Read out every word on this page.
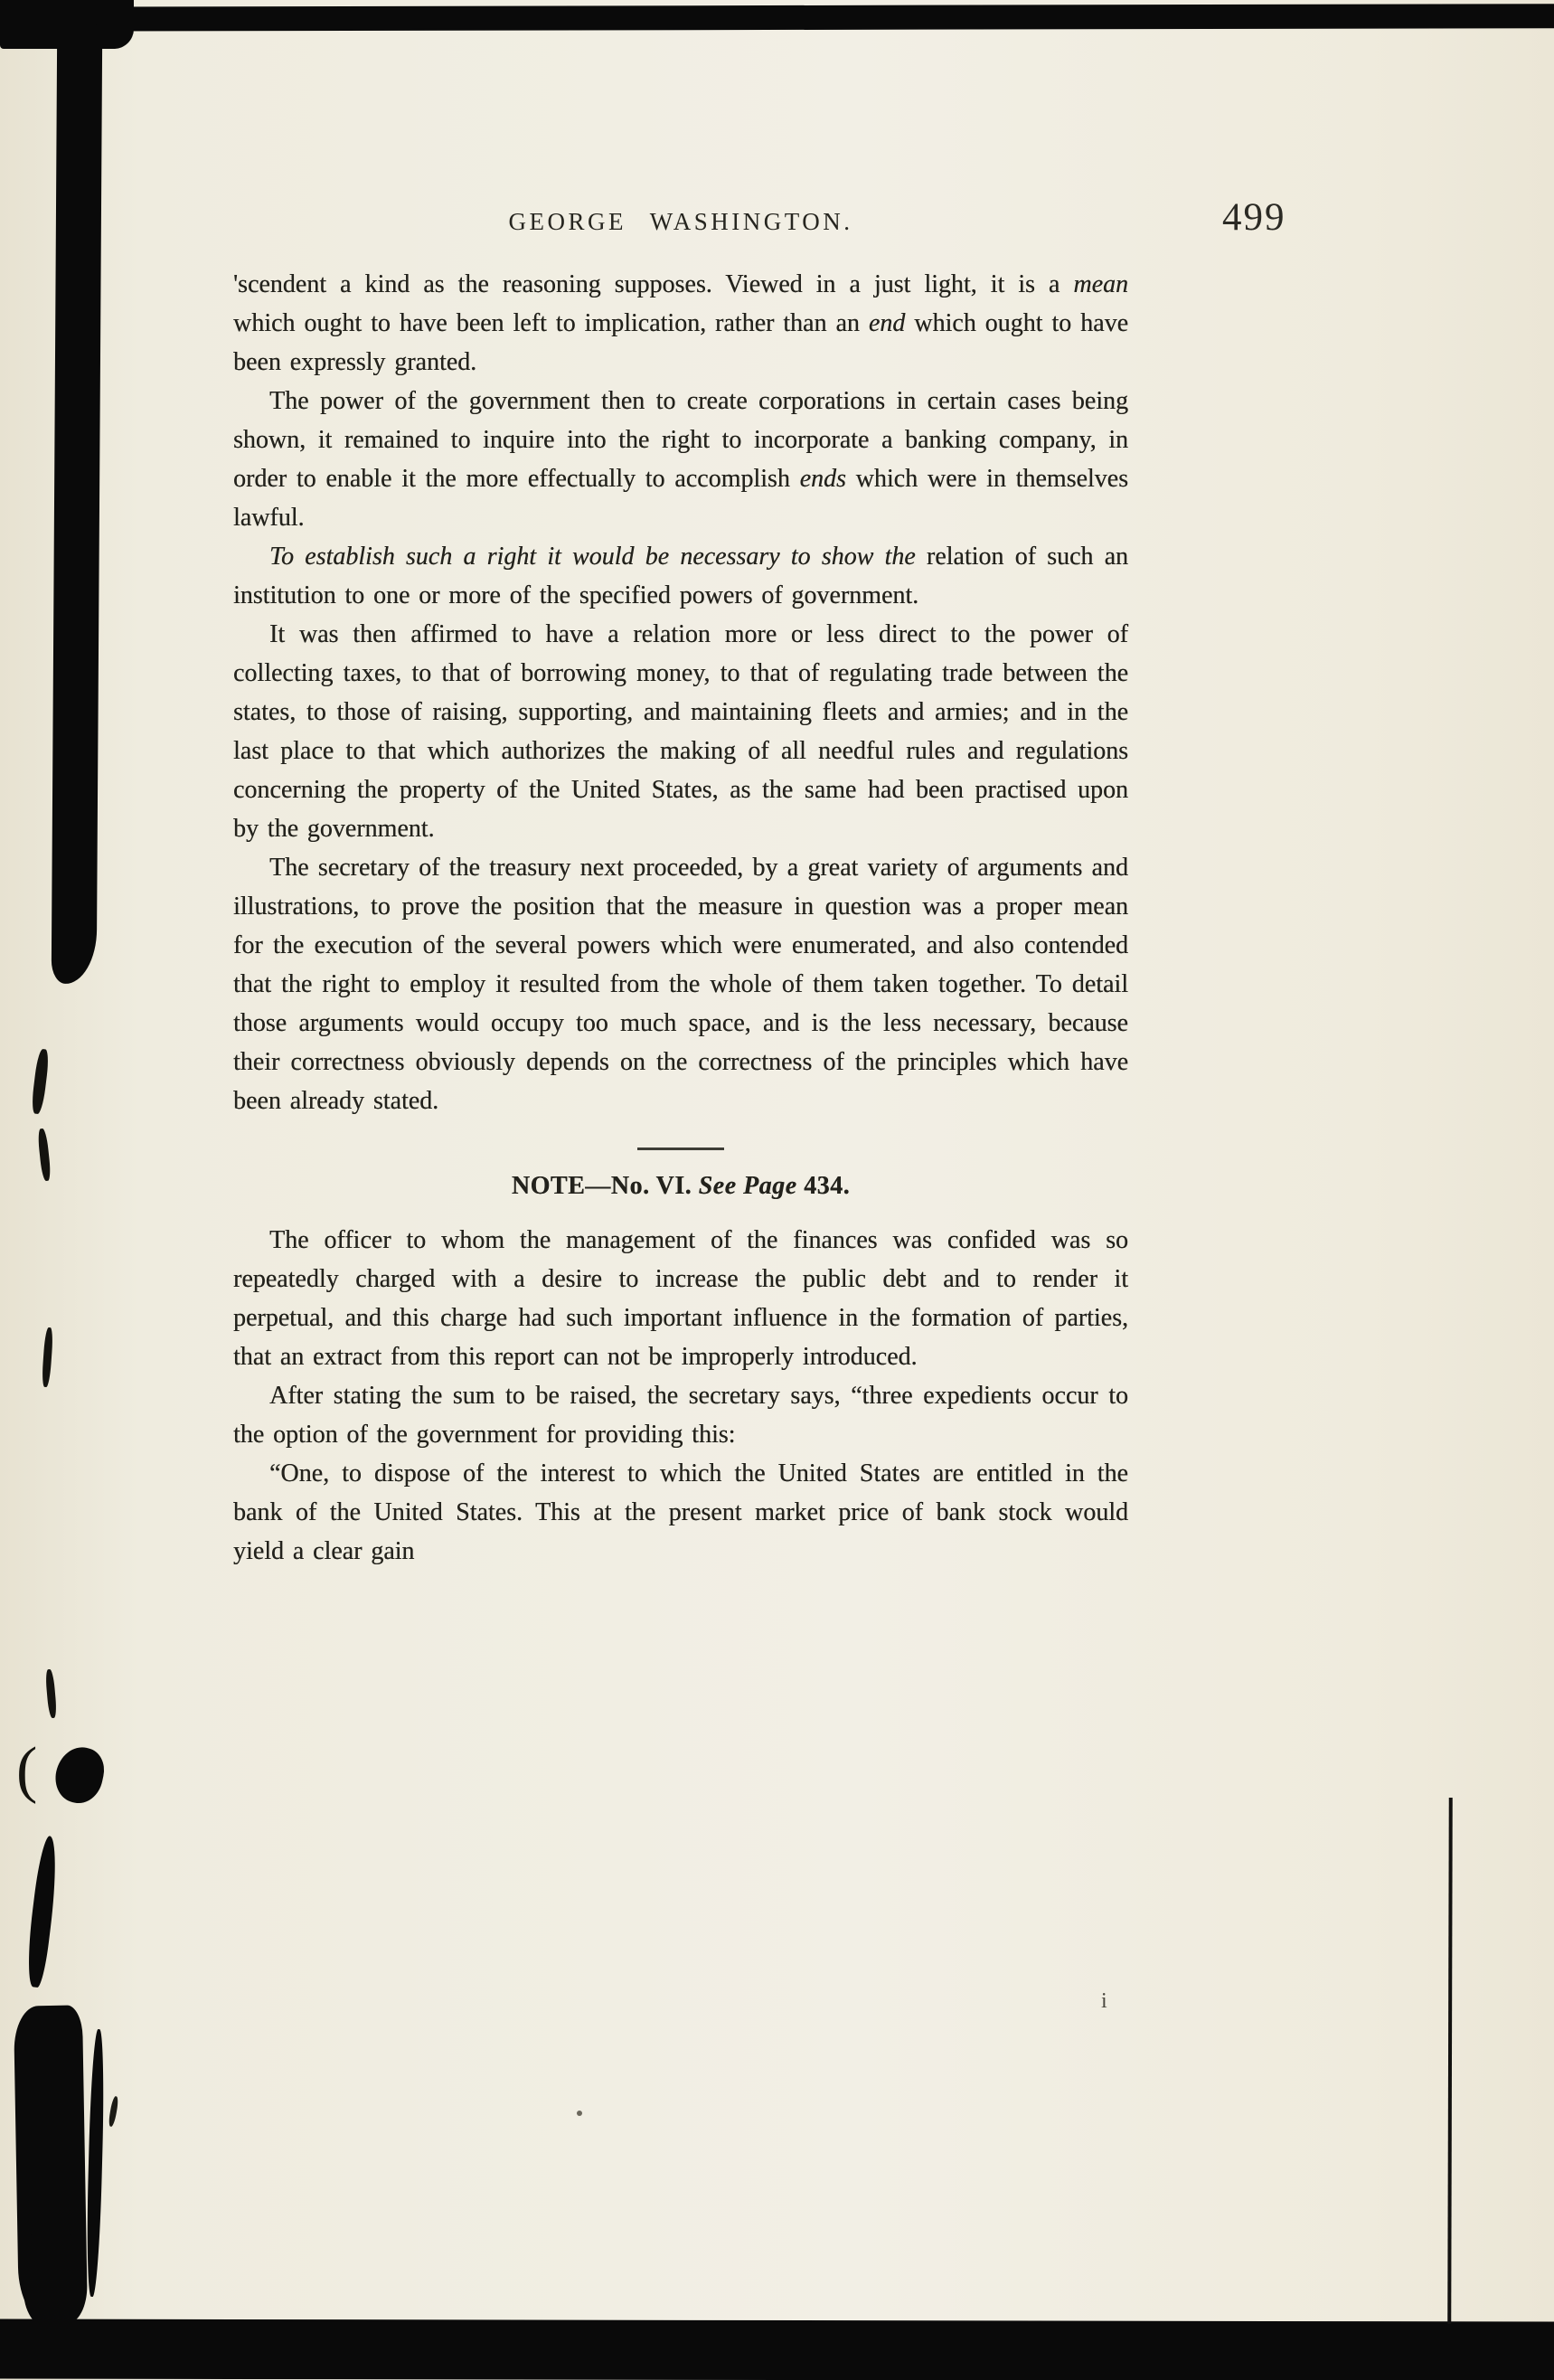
(
i
GEORGE WASHINGTON.	499

'scendent a kind as the reasoning supposes. Viewed in a just light, it is a mean which ought to have been left to implication, rather than an end which ought to have been expressly granted.

The power of the government then to create corporations in certain cases being shown, it remained to inquire into the right to incorporate a banking company, in order to enable it the more effectually to accomplish ends which were in themselves lawful.

To establish such a right it would be necessary to show the relation of such an institution to one or more of the specified powers of government.

It was then affirmed to have a relation more or less direct to the power of collecting taxes, to that of borrowing money, to that of regulating trade between the states, to those of raising, supporting, and maintaining fleets and armies; and in the last place to that which authorizes the making of all needful rules and regulations concerning the property of the United States, as the same had been practised upon by the government.

The secretary of the treasury next proceeded, by a great variety of arguments and illustrations, to prove the position that the measure in question was a proper mean for the execution of the several powers which were enumerated, and also contended that the right to employ it resulted from the whole of them taken together. To detail those arguments would occupy too much space, and is the less necessary, because their correctness obviously depends on the correctness of the principles which have been already stated.

NOTE—No. VI. See Page 434.

The officer to whom the management of the finances was confided was so repeatedly charged with a desire to increase the public debt and to render it perpetual, and this charge had such important influence in the formation of parties, that an extract from this report can not be improperly introduced.

After stating the sum to be raised, the secretary says, “three expedients occur to the option of the government for providing this:

“One, to dispose of the interest to which the United States are entitled in the bank of the United States. This at the present market price of bank stock would yield a clear gain
